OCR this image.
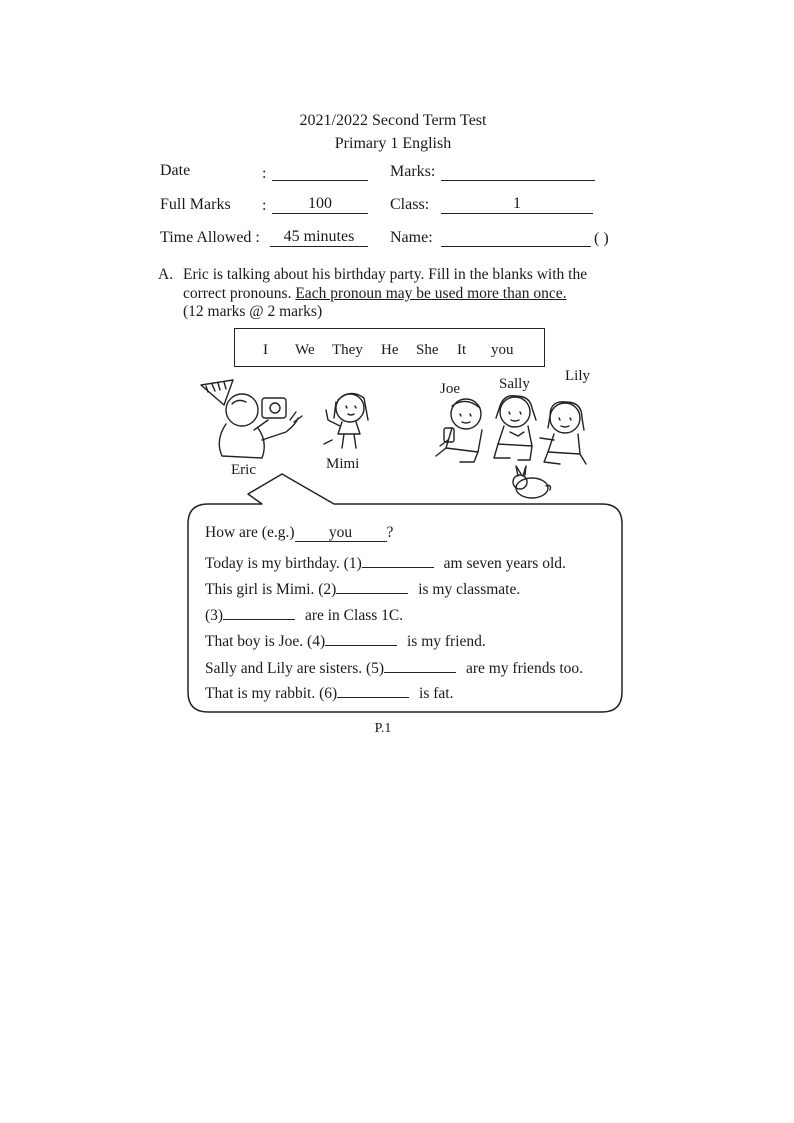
2021/2022 Second Term Test
Primary 1 English
Date	:	Marks:
Full Marks :	100	Class:	1
Time Allowed :	45 minutes	Name:	( )
A. Eric is talking about his birthday party. Fill in the blanks with the
correct pronouns. Each pronoun may be used more than once.
(12 marks @ 2 marks)
I We They He She It you
Eric	Mimi
Joe	Sally Lily
How are (e.g.) you ?
Today is my birthday. (1)	am seven years old.
This girl is Mimi. (2)	is my classmate.
(3)	are in Class 1C.
That boy is Joe. (4)	is my friend.
Sally and Lily are sisters. (5)	are my friends too.
That is my rabbit. (6)	is fat.
P.1
